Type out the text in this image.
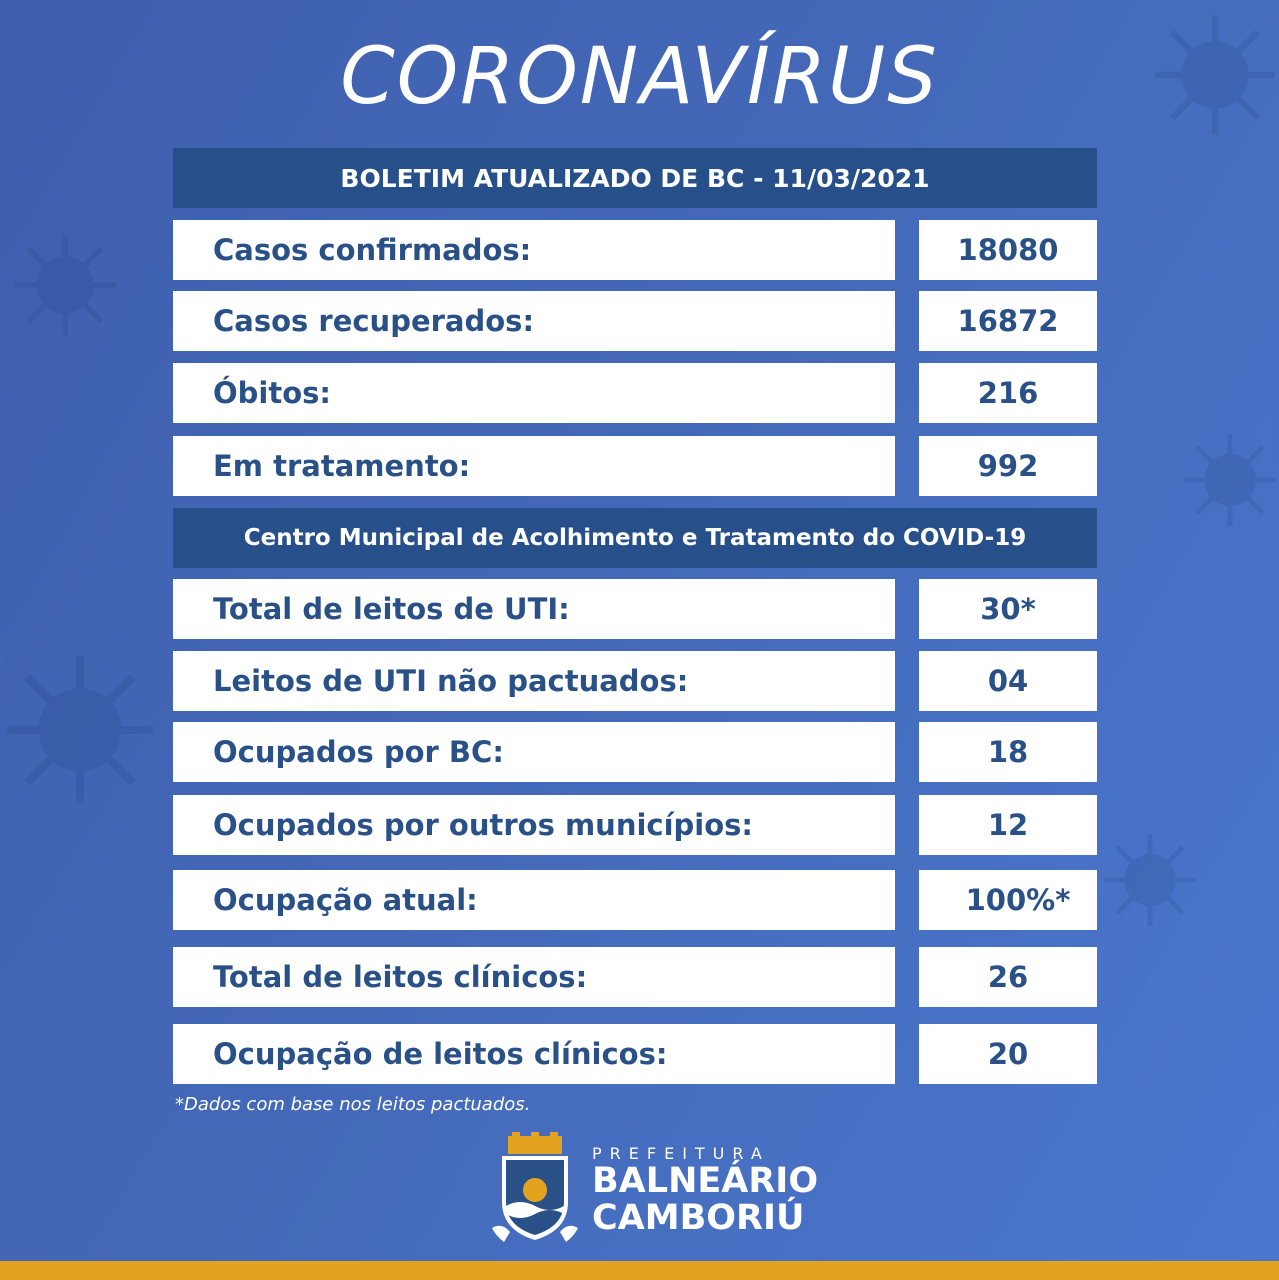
CORONAVÍRUS
BOLETIM ATUALIZADO DE BC - 11/03/2021
Casos confirmados:	18080
Casos recuperados:	16872
Óbitos:	216
Em tratamento:	992
Centro Municipal de Acolhimento e Tratamento do COVID-19
Total de leitos de UTI:	30*
Leitos de UTI não pactuados:	04
Ocupados por BC:	18
Ocupados por outros municípios:	12
Ocupação atual:	100%*
Total de leitos clínicos:	26
Ocupação de leitos clínicos:	20
*Dados com base nos leitos pactuados.
PREFEITURA
BALNEÁRIO
CAMBORIÚ
